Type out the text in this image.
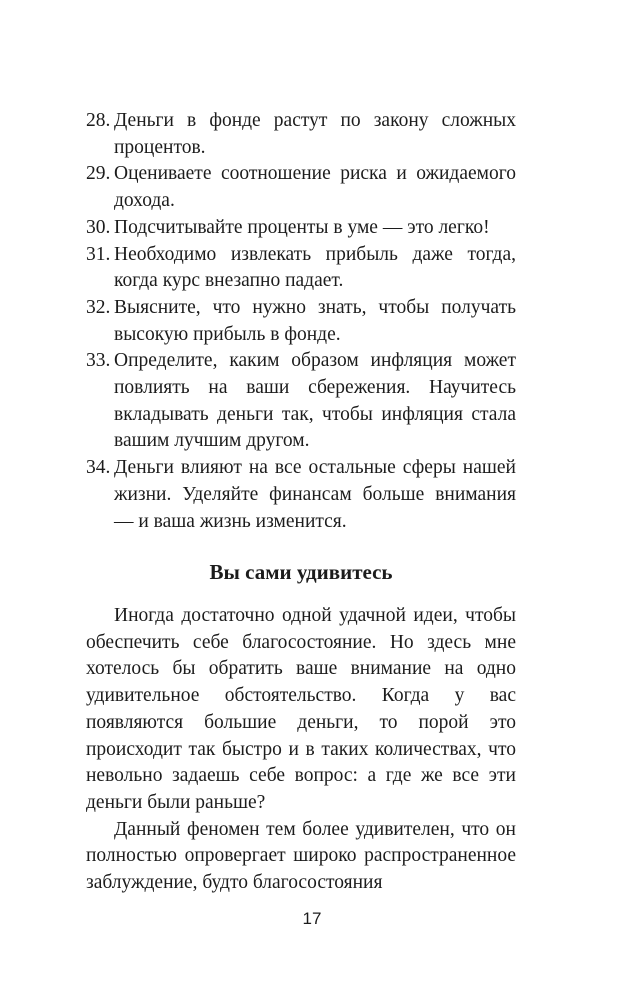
28. Деньги в фонде растут по закону сложных процентов.

29. Оцениваете соотношение риска и ожидаемого дохода.

30. Подсчитывайте проценты в уме — это легко!

31. Необходимо извлекать прибыль даже тогда, когда курс внезапно падает.

32. Выясните, что нужно знать, чтобы получать высокую прибыль в фонде.

33. Определите, каким образом инфляция может повлиять на ваши сбережения. Научитесь вкладывать деньги так, чтобы инфляция стала вашим лучшим другом.

34. Деньги влияют на все остальные сферы нашей жизни. Уделяйте финансам больше внимания — и ваша жизнь изменится.

Вы сами удивитесь

Иногда достаточно одной удачной идеи, чтобы обеспечить себе благосостояние. Но здесь мне хотелось бы обратить ваше внимание на одно удивительное обстоятельство. Когда у вас появляются большие деньги, то порой это происходит так быстро и в таких количествах, что невольно задаешь себе вопрос: а где же все эти деньги были раньше?

Данный феномен тем более удивителен, что он полностью опровергает широко распространенное заблуждение, будто благосостояния

17
